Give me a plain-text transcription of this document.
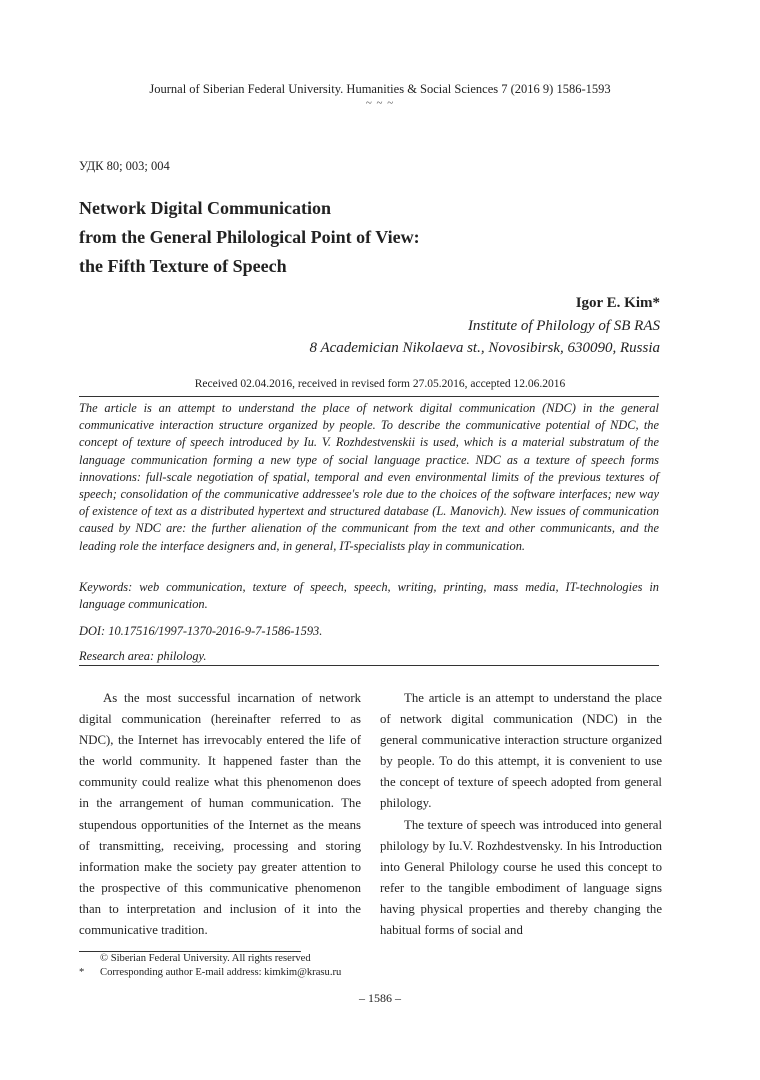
Journal of Siberian Federal University. Humanities & Social Sciences 7 (2016 9) 1586-1593
~ ~ ~
УДК 80; 003; 004
Network Digital Communication
from the General Philological Point of View:
the Fifth Texture of Speech
Igor E. Kim*
Institute of Philology of SB RAS
8 Academician Nikolaeva st., Novosibirsk, 630090, Russia
Received 02.04.2016, received in revised form 27.05.2016, accepted 12.06.2016
The article is an attempt to understand the place of network digital communication (NDC) in the general communicative interaction structure organized by people. To describe the communicative potential of NDC, the concept of texture of speech introduced by Iu. V. Rozhdestvenskii is used, which is a material substratum of the language communication forming a new type of social language practice. NDC as a texture of speech forms innovations: full-scale negotiation of spatial, temporal and even environmental limits of the previous textures of speech; consolidation of the communicative addressee's role due to the choices of the software interfaces; new way of existence of text as a distributed hypertext and structured database (L. Manovich). New issues of communication caused by NDC are: the further alienation of the communicant from the text and other communicants, and the leading role the interface designers and, in general, IT-specialists play in communication.
Keywords: web communication, texture of speech, speech, writing, printing, mass media, IT-technologies in language communication.
DOI: 10.17516/1997-1370-2016-9-7-1586-1593.
Research area: philology.

As the most successful incarnation of network digital communication (hereinafter referred to as NDC), the Internet has irrevocably entered the life of the world community. It happened faster than the community could realize what this phenomenon does in the arrangement of human communication. The stupendous opportunities of the Internet as the means of transmitting, receiving, processing and storing information make the society pay greater attention to the prospective of this communicative phenomenon than to interpretation and inclusion of it into the communicative tradition.

The article is an attempt to understand the place of network digital communication (NDC) in the general communicative interaction structure organized by people. To do this attempt, it is convenient to use the concept of texture of speech adopted from general philology.

The texture of speech was introduced into general philology by Iu.V. Rozhdestvensky. In his Introduction into General Philology course he used this concept to refer to the tangible embodiment of language signs having physical properties and thereby changing the habitual forms of social and

© Siberian Federal University. All rights reserved
* Corresponding author E-mail address: kimkim@krasu.ru
– 1586 –
